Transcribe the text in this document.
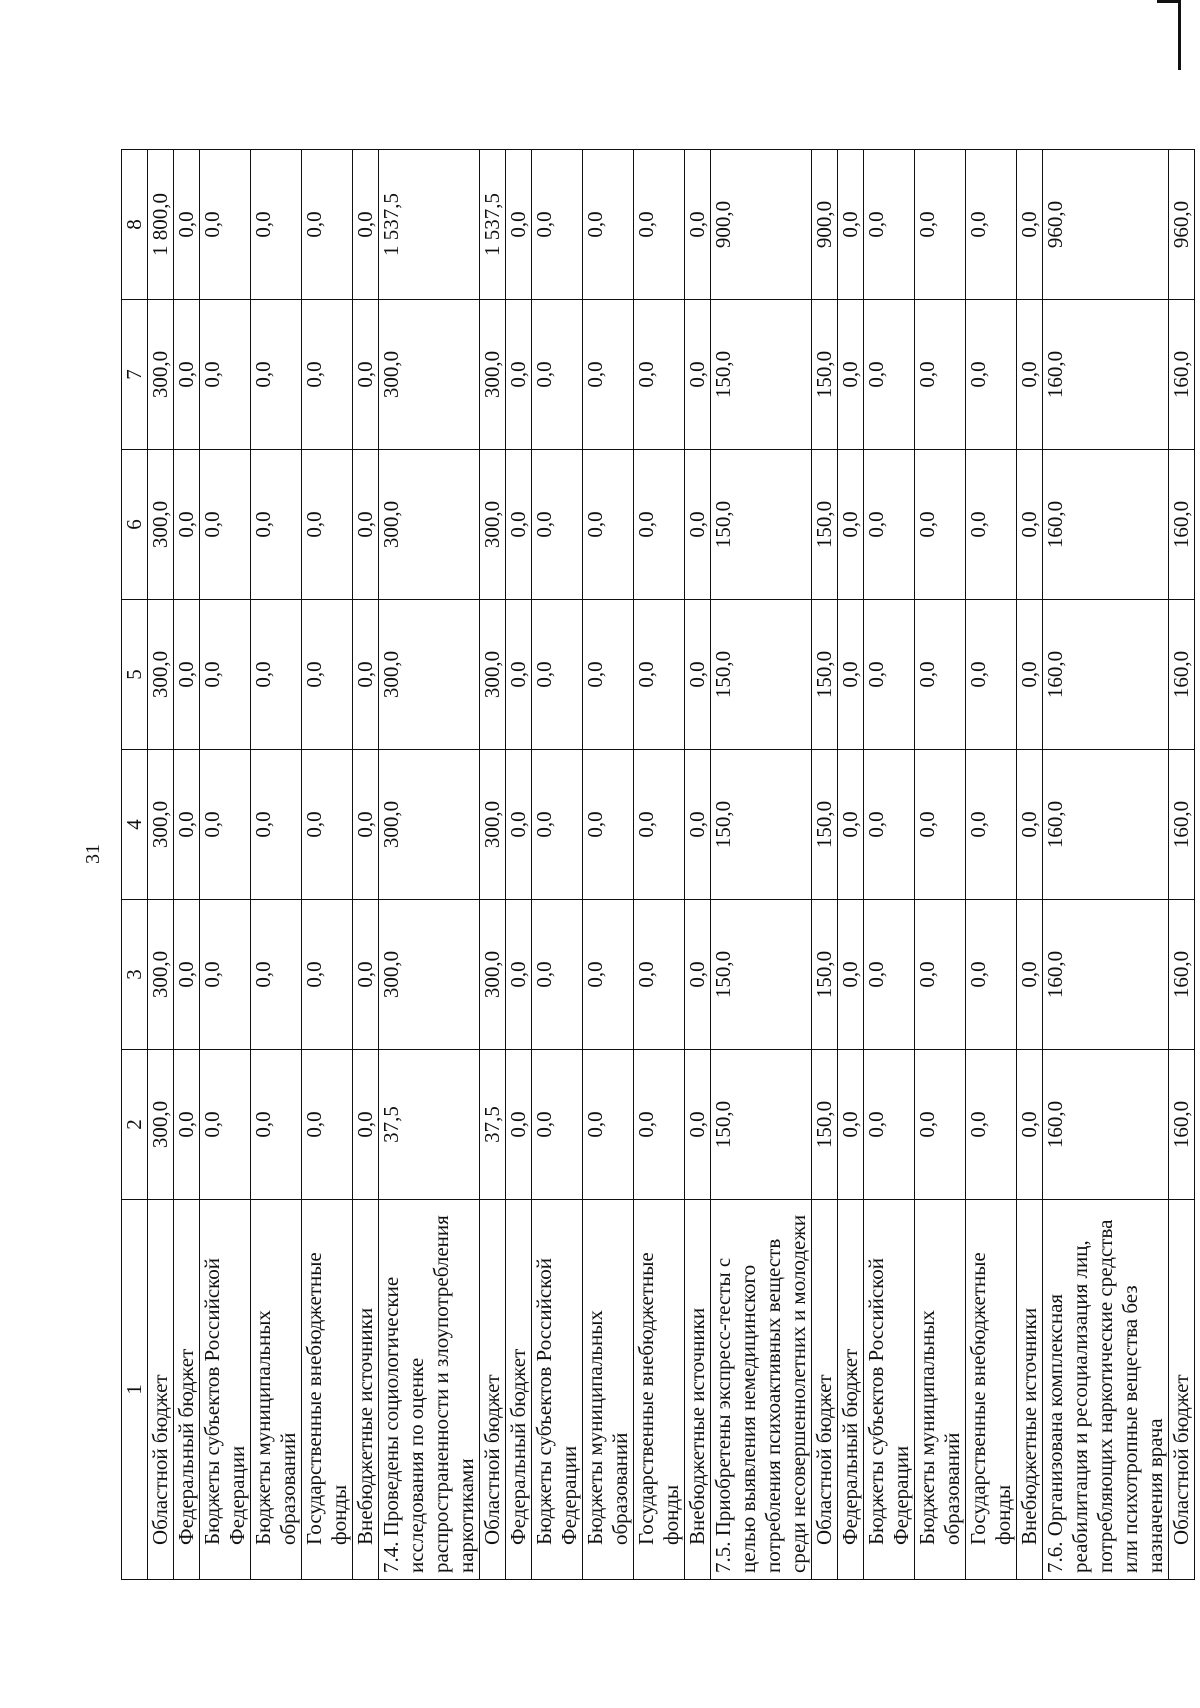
31
1	2	3	4	5	6	7	8
Областной бюджет	300,0	300,0	300,0	300,0	300,0	300,0	1 800,0
Федеральный бюджет	0,0	0,0	0,0	0,0	0,0	0,0	0,0
Бюджеты субъектов Российской Федерации	0,0	0,0	0,0	0,0	0,0	0,0	0,0
Бюджеты муниципальных образований	0,0	0,0	0,0	0,0	0,0	0,0	0,0
Государственные внебюджетные фонды	0,0	0,0	0,0	0,0	0,0	0,0	0,0
Внебюджетные источники	0,0	0,0	0,0	0,0	0,0	0,0	0,0
7.4. Проведены социологические исследования по оценке распространенности и злоупотребления наркотиками	37,5	300,0	300,0	300,0	300,0	300,0	1 537,5
Областной бюджет	37,5	300,0	300,0	300,0	300,0	300,0	1 537,5
Федеральный бюджет	0,0	0,0	0,0	0,0	0,0	0,0	0,0
Бюджеты субъектов Российской Федерации	0,0	0,0	0,0	0,0	0,0	0,0	0,0
Бюджеты муниципальных образований	0,0	0,0	0,0	0,0	0,0	0,0	0,0
Государственные внебюджетные фонды	0,0	0,0	0,0	0,0	0,0	0,0	0,0
Внебюджетные источники	0,0	0,0	0,0	0,0	0,0	0,0	0,0
7.5. Приобретены экспресс-тесты с целью выявления немедицинского потребления психоактивных веществ среди несовершеннолетних и молодежи	150,0	150,0	150,0	150,0	150,0	150,0	900,0
Областной бюджет	150,0	150,0	150,0	150,0	150,0	150,0	900,0
Федеральный бюджет	0,0	0,0	0,0	0,0	0,0	0,0	0,0
Бюджеты субъектов Российской Федерации	0,0	0,0	0,0	0,0	0,0	0,0	0,0
Бюджеты муниципальных образований	0,0	0,0	0,0	0,0	0,0	0,0	0,0
Государственные внебюджетные фонды	0,0	0,0	0,0	0,0	0,0	0,0	0,0
Внебюджетные источники	0,0	0,0	0,0	0,0	0,0	0,0	0,0
7.6. Организована комплексная реабилитация и ресоциализация лиц, потребляющих наркотические средства или психотропные вещества без назначения врача	160,0	160,0	160,0	160,0	160,0	160,0	960,0
Областной бюджет	160,0	160,0	160,0	160,0	160,0	160,0	960,0
